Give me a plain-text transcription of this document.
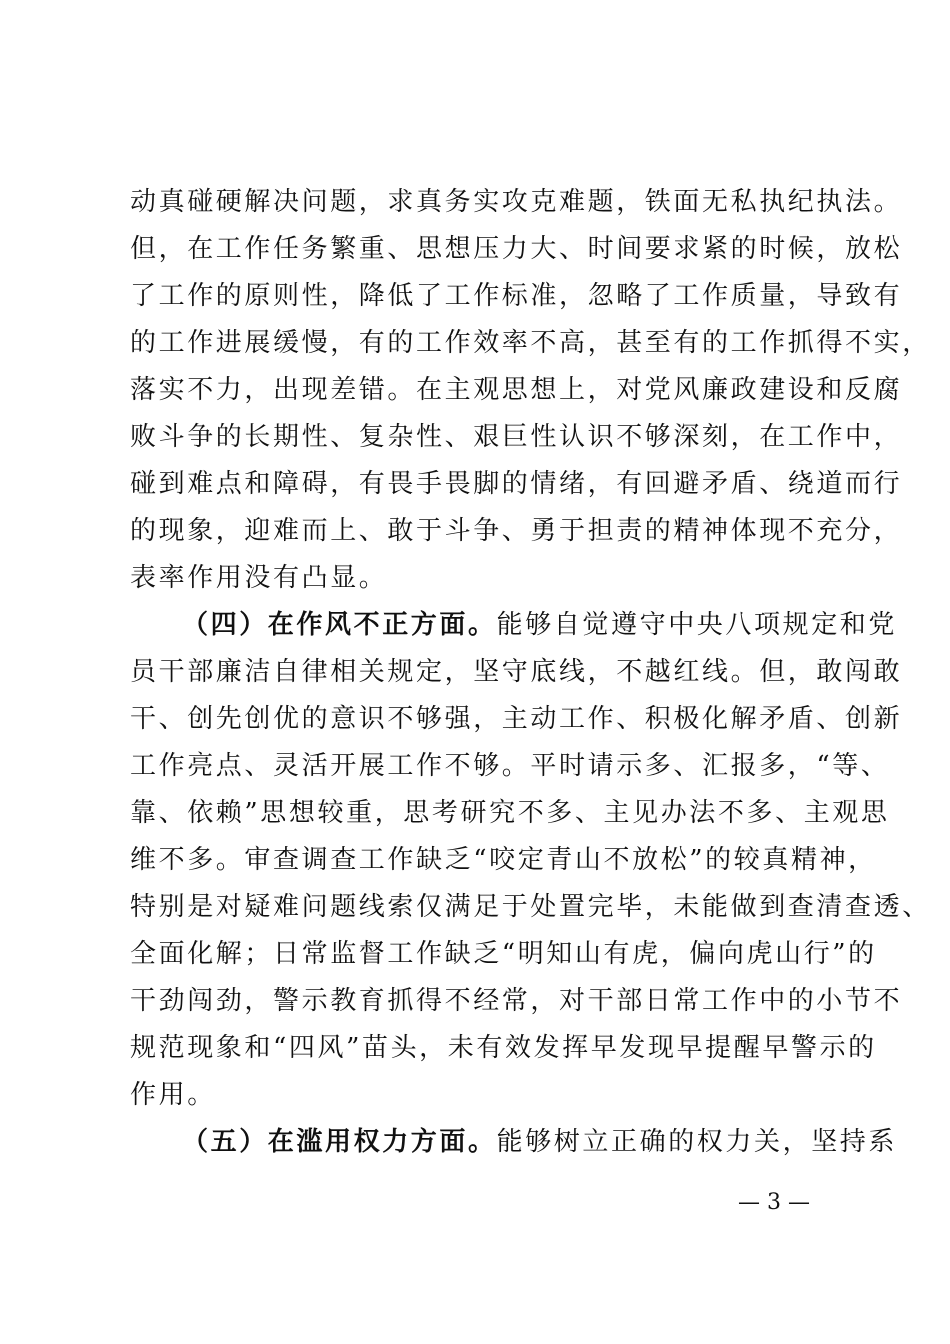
动真碰硬解决问题，求真务实攻克难题，铁面无私执纪执法。
但，在工作任务繁重、思想压力大、时间要求紧的时候，放松
了工作的原则性，降低了工作标准，忽略了工作质量，导致有
的工作进展缓慢，有的工作效率不高，甚至有的工作抓得不实，
落实不力，出现差错。在主观思想上，对党风廉政建设和反腐
败斗争的长期性、复杂性、艰巨性认识不够深刻，在工作中，
碰到难点和障碍，有畏手畏脚的情绪，有回避矛盾、绕道而行
的现象，迎难而上、敢于斗争、勇于担责的精神体现不充分，
表率作用没有凸显。
（四）在作风不正方面。能够自觉遵守中央八项规定和党
员干部廉洁自律相关规定，坚守底线，不越红线。但，敢闯敢
干、创先创优的意识不够强，主动工作、积极化解矛盾、创新
工作亮点、灵活开展工作不够。平时请示多、汇报多，“等、
靠、依赖”思想较重，思考研究不多、主见办法不多、主观思
维不多。审查调查工作缺乏“咬定青山不放松”的较真精神，
特别是对疑难问题线索仅满足于处置完毕，未能做到查清查透、
全面化解；日常监督工作缺乏“明知山有虎，偏向虎山行”的
干劲闯劲，警示教育抓得不经常，对干部日常工作中的小节不
规范现象和“四风”苗头，未有效发挥早发现早提醒早警示的
作用。
（五）在滥用权力方面。能够树立正确的权力关，坚持系
— 3 —
